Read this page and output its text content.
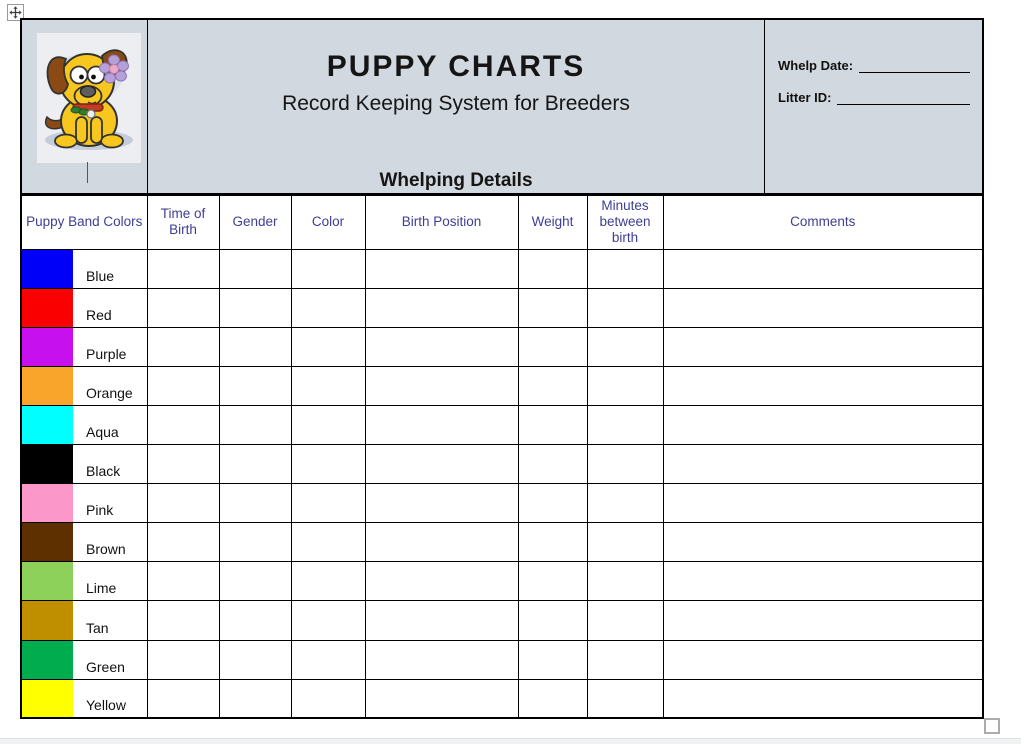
PUPPY CHARTS
Record Keeping System for Breeders
Whelping Details
Whelp Date:
Litter ID:
Puppy Band Colors	Time of Birth	Gender	Color	Birth Position	Weight	Minutes between birth	Comments

Blue							

Red							

Purple							

Orange							

Aqua							

Black							

Pink							

Brown							

Lime							

Tan							

Green							

Yellow							
